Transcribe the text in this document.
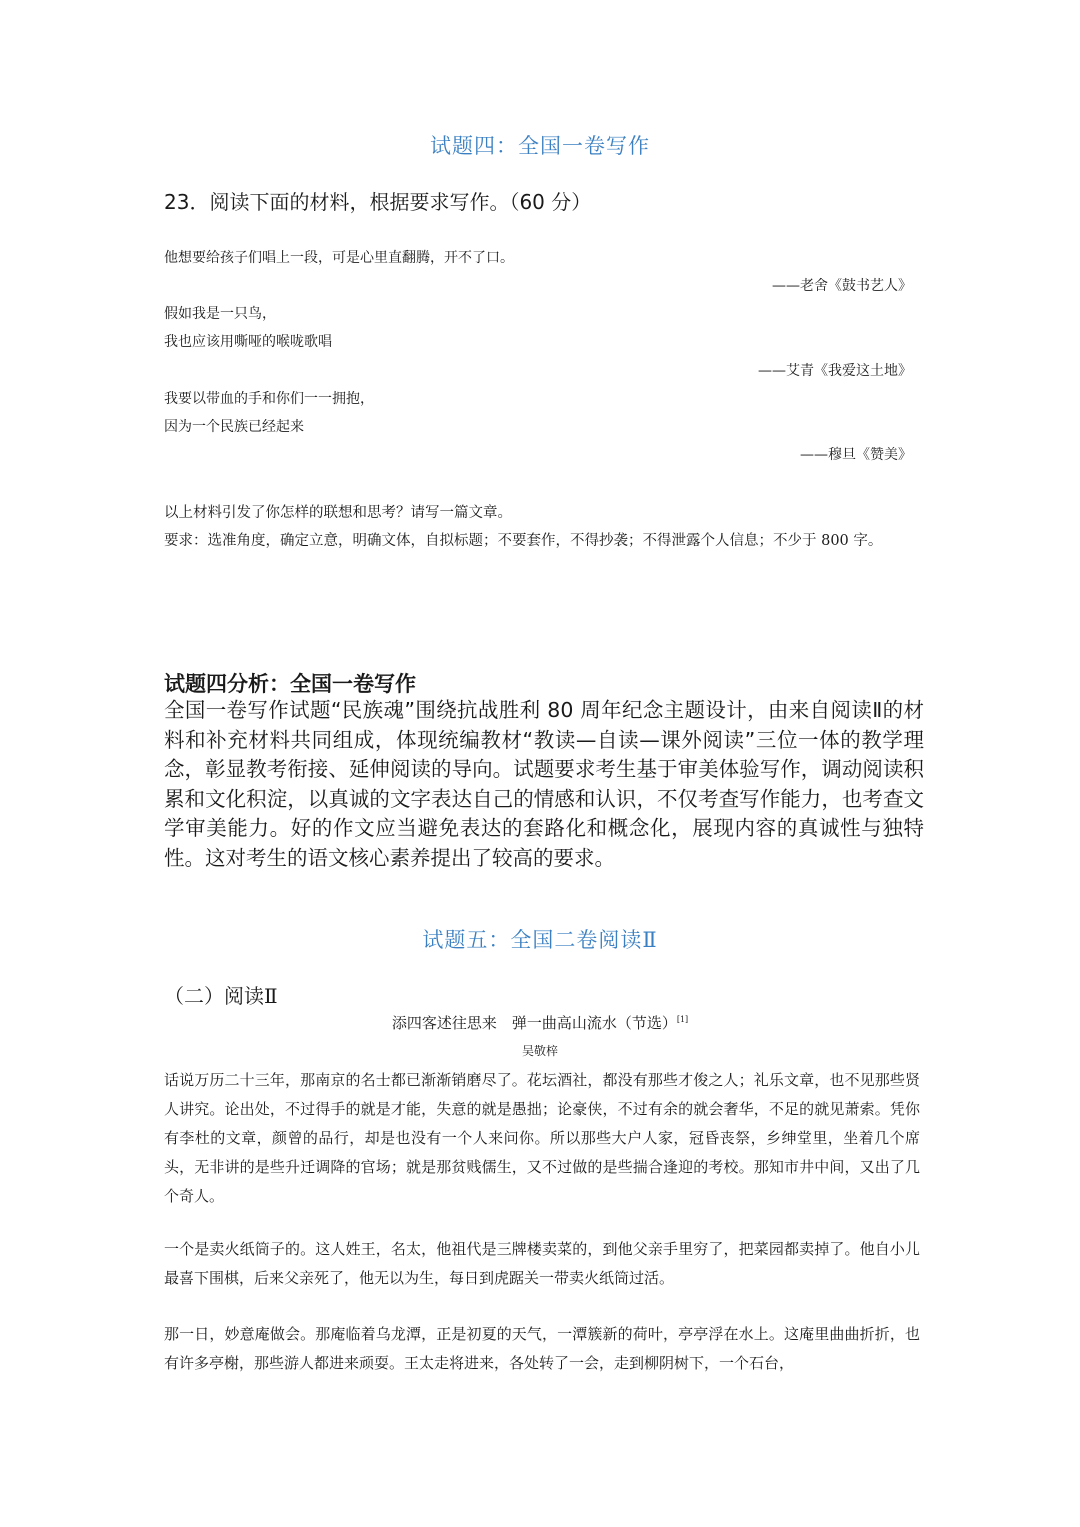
试题四：全国一卷写作
23．阅读下面的材料，根据要求写作。（60 分）
他想要给孩子们唱上一段，可是心里直翻腾，开不了口。
——老舍《鼓书艺人》
假如我是一只鸟，
我也应该用嘶哑的喉咙歌唱
——艾青《我爱这土地》
我要以带血的手和你们一一拥抱，
因为一个民族已经起来
——穆旦《赞美》
以上材料引发了你怎样的联想和思考？请写一篇文章。
要求：选准角度，确定立意，明确文体，自拟标题；不要套作，不得抄袭；不得泄露个人信息；不少于 800 字。
试题四分析：全国一卷写作

全国一卷写作试题“民族魂”围绕抗战胜利 80 周年纪念主题设计，由来自阅读Ⅱ的材料和补充材料共同组成，体现统编教材“教读—自读—课外阅读”三位一体的教学理念，彰显教考衔接、延伸阅读的导向。试题要求考生基于审美体验写作，调动阅读积累和文化积淀，以真诚的文字表达自己的情感和认识，不仅考查写作能力，也考查文学审美能力。好的作文应当避免表达的套路化和概念化，展现内容的真诚性与独特性。这对考生的语文核心素养提出了较高的要求。

试题五：全国二卷阅读Ⅱ
（二）阅读Ⅱ
添四客述往思来　弹一曲高山流水（节选）[1]
吴敬梓

话说万历二十三年，那南京的名士都已渐渐销磨尽了。花坛酒社，都没有那些才俊之人；礼乐文章，也不见那些贤人讲究。论出处，不过得手的就是才能，失意的就是愚拙；论豪侠，不过有余的就会奢华，不足的就见萧索。凭你有李杜的文章，颜曾的品行，却是也没有一个人来问你。所以那些大户人家，冠昏丧祭，乡绅堂里，坐着几个席头，无非讲的是些升迁调降的官场；就是那贫贱儒生，又不过做的是些揣合逢迎的考校。那知市井中间，又出了几个奇人。

一个是卖火纸筒子的。这人姓王，名太，他祖代是三牌楼卖菜的，到他父亲手里穷了，把菜园都卖掉了。他自小儿最喜下围棋，后来父亲死了，他无以为生，每日到虎踞关一带卖火纸筒过活。

那一日，妙意庵做会。那庵临着乌龙潭，正是初夏的天气，一潭簇新的荷叶，亭亭浮在水上。这庵里曲曲折折，也有许多亭榭，那些游人都进来顽耍。王太走将进来，各处转了一会，走到柳阴树下，一个石台，
